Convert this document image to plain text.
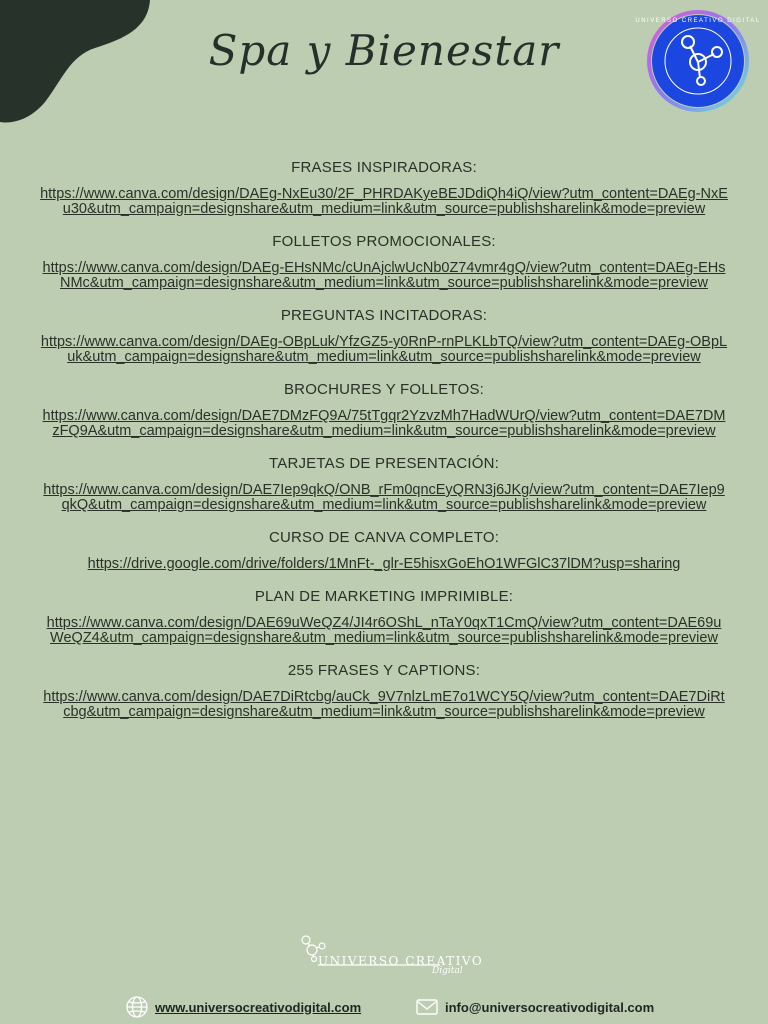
Spa y Bienestar
UNIVERSO CREATIVO DIGITAL
FRASES INSPIRADORAS:
https://www.canva.com/design/DAEg-NxEu30/2F_PHRDAKyeBEJDdiQh4iQ/view?utm_content=DAEg-NxEu30&utm_campaign=designshare&utm_medium=link&utm_source=publishsharelink&mode=preview
FOLLETOS PROMOCIONALES:
https://www.canva.com/design/DAEg-EHsNMc/cUnAjclwUcNb0Z74vmr4gQ/view?utm_content=DAEg-EHsNMc&utm_campaign=designshare&utm_medium=link&utm_source=publishsharelink&mode=preview
PREGUNTAS INCITADORAS:
https://www.canva.com/design/DAEg-OBpLuk/YfzGZ5-y0RnP-rnPLKLbTQ/view?utm_content=DAEg-OBpLuk&utm_campaign=designshare&utm_medium=link&utm_source=publishsharelink&mode=preview
BROCHURES Y FOLLETOS:
https://www.canva.com/design/DAE7DMzFQ9A/75tTgqr2YzvzMh7HadWUrQ/view?utm_content=DAE7DMzFQ9A&utm_campaign=designshare&utm_medium=link&utm_source=publishsharelink&mode=preview
TARJETAS DE PRESENTACIÓN:
https://www.canva.com/design/DAE7Iep9qkQ/ONB_rFm0qncEyQRN3j6JKg/view?utm_content=DAE7Iep9qkQ&utm_campaign=designshare&utm_medium=link&utm_source=publishsharelink&mode=preview
CURSO DE CANVA COMPLETO:
https://drive.google.com/drive/folders/1MnFt-_glr-E5hisxGoEhO1WFGlC37lDM?usp=sharing
PLAN DE MARKETING IMPRIMIBLE:
https://www.canva.com/design/DAE69uWeQZ4/JI4r6OShL_nTaY0qxT1CmQ/view?utm_content=DAE69uWeQZ4&utm_campaign=designshare&utm_medium=link&utm_source=publishsharelink&mode=preview
255 FRASES Y CAPTIONS:
https://www.canva.com/design/DAE7DiRtcbg/auCk_9V7nlzLmE7o1WCY5Q/view?utm_content=DAE7DiRtcbg&utm_campaign=designshare&utm_medium=link&utm_source=publishsharelink&mode=preview
UNIVERSO CREATIVO
Digital
www.universocreativodigital.com	info@universocreativodigital.com
